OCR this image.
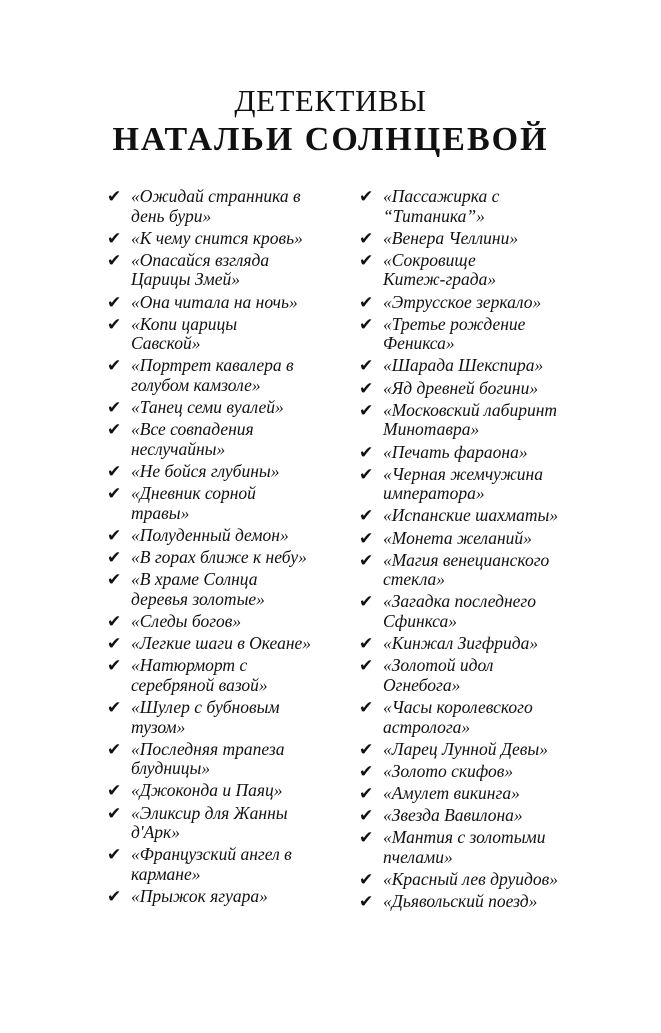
ДЕТЕКТИВЫ
НАТАЛЬИ СОЛНЦЕВОЙ
✔ «Ожидай странника в
день бури»
✔ «К чему снится кровь»
✔ «Опасайся взгляда
Царицы Змей»
✔ «Она читала на ночь»
✔ «Копи царицы
Савской»
✔ «Портрет кавалера в
голубом камзоле»
✔ «Танец семи вуалей»
✔ «Все совпадения
неслучайны»
✔ «Не бойся глубины»
✔ «Дневник сорной
травы»
✔ «Полуденный демон»
✔ «В горах ближе к небу»
✔ «В храме Солнца
деревья золотые»
✔ «Следы богов»
✔ «Легкие шаги в Океане»
✔ «Натюрморт с
серебряной вазой»
✔ «Шулер с бубновым
тузом»
✔ «Последняя трапеза
блудницы»
✔ «Джоконда и Паяц»
✔ «Эликсир для Жанны
д'Арк»
✔ «Французский ангел в
кармане»
✔ «Прыжок ягуара»
✔ «Пассажирка с
“Титаника”»
✔ «Венера Челлини»
✔ «Сокровище
Китеж-града»
✔ «Этрусское зеркало»
✔ «Третье рождение
Феникса»
✔ «Шарада Шекспира»
✔ «Яд древней богини»
✔ «Московский лабиринт
Минотавра»
✔ «Печать фараона»
✔ «Черная жемчужина
императора»
✔ «Испанские шахматы»
✔ «Монета желаний»
✔ «Магия венецианского
стекла»
✔ «Загадка последнего
Сфинкса»
✔ «Кинжал Зигфрида»
✔ «Золотой идол
Огнебога»
✔ «Часы королевского
астролога»
✔ «Ларец Лунной Девы»
✔ «Золото скифов»
✔ «Амулет викинга»
✔ «Звезда Вавилона»
✔ «Мантия с золотыми
пчелами»
✔ «Красный лев друидов»
✔ «Дьявольский поезд»
